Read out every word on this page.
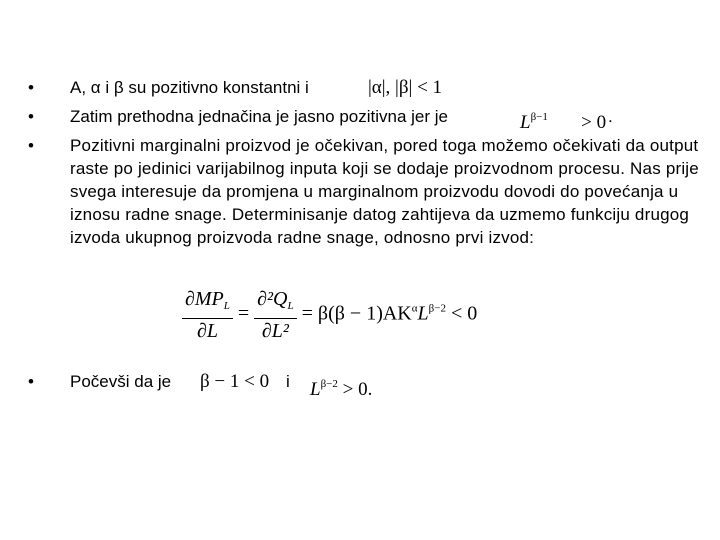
• A, α i β su pozitivno konstantni i	|α|, |β| < 1
• Zatim prethodna jednačina je jasno pozitivna jer je	$L^{\beta-1} > 0$ .
• Pozitivni marginalni proizvod je očekivan, pored toga možemo očekivati da output raste po jedinici varijabilnog inputa koji se dodaje proizvodnom procesu. Nas prije svega interesuje da promjena u marginalnom proizvodu dovodi do povećanja u iznosu radne snage. Determinisanje datog zahtijeva da uzmemo funkciju drugog izvoda ukupnog proizvoda radne snage, odnosno prvi izvod:
$\frac{\partial MP_L}{\partial L} = \frac{\partial^2Q_L}{\text{∂L²}} = \beta(\beta - 1)AK^\alpha L^{\beta-2} < 0$
• Počevši da je β − 1 < 0 i $L^{\beta-2} > 0$.
